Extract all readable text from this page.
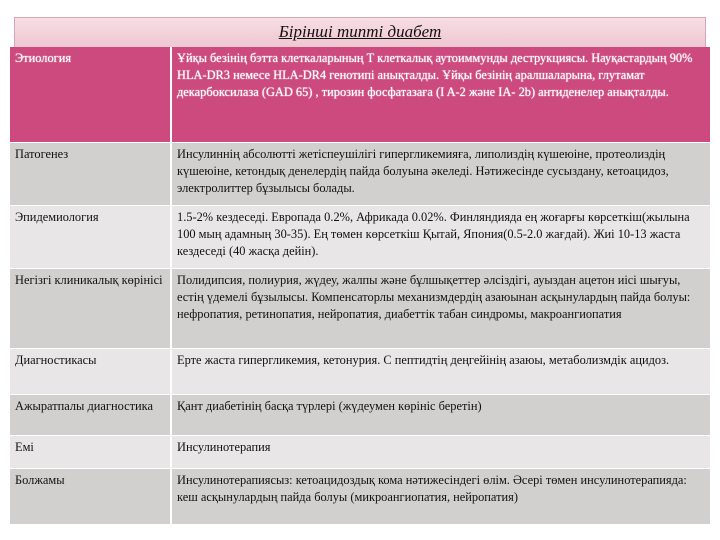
Бірінші типті диабет
Этиология	Ұйқы безінің бэтта клеткаларының Т клеткалық аутоиммунды деструкциясы. Науқастардың 90% HLA-DR3 немесе HLA-DR4 генотипі анықталды. Ұйқы безінің аралшаларына, глутамат декарбоксилаза (GAD 65) , тирозин фосфатазаға (I A-2 және IA- 2b) антиденелер анықталды.
Патогенез	Инсулиннің абсолютті жетіспеушілігі гипергликемияға, липолиздің күшеюіне, протеолиздің күшеюіне, кетондық денелердің пайда болуына әкеледі. Нәтижесінде сусызданy, кетоацидоз, электролиттер бұзылысы болады.
Эпидемиология	1.5-2% кездеседі. Европада 0.2%, Африкада 0.02%. Финляндияда ең жоғарғы көрсеткіш(жылына 100 мың адамның 30-35). Ең төмен көрсеткіш Қытай, Япония(0.5-2.0 жағдай). Жиі 10-13 жаста кездеседі (40 жасқа дейін).
Негізгі клиникалық көрінісі	Полидипсия, полиурия, жүдеу, жалпы және бұлшықеттер әлсіздігі, ауыздан ацетон иісі шығуы, естің үдемелі бұзылысы. Компенсаторлы механизмдердің азаюынан асқынулардың пайда болуы: нефропатия, ретинопатия, нейропатия, диабеттік табан синдромы, макроангиопатия
Диагностикасы	Ерте жаста гипергликемия, кетонурия. С пептидтің деңгейінің азаюы, метаболизмдік ацидоз.
Ажыратпалы диагностика	Қант диабетінің басқа түрлері (жүдеумен көрініс беретін)
Емі	Инсулинотерапия
Болжамы	Инсулинотерапиясыз: кетоацидоздық кома нәтижесіндегі өлім. Әсері төмен инсулинотерапияда: кеш асқынулардың пайда болуы (микроангиопатия, нейропатия)
